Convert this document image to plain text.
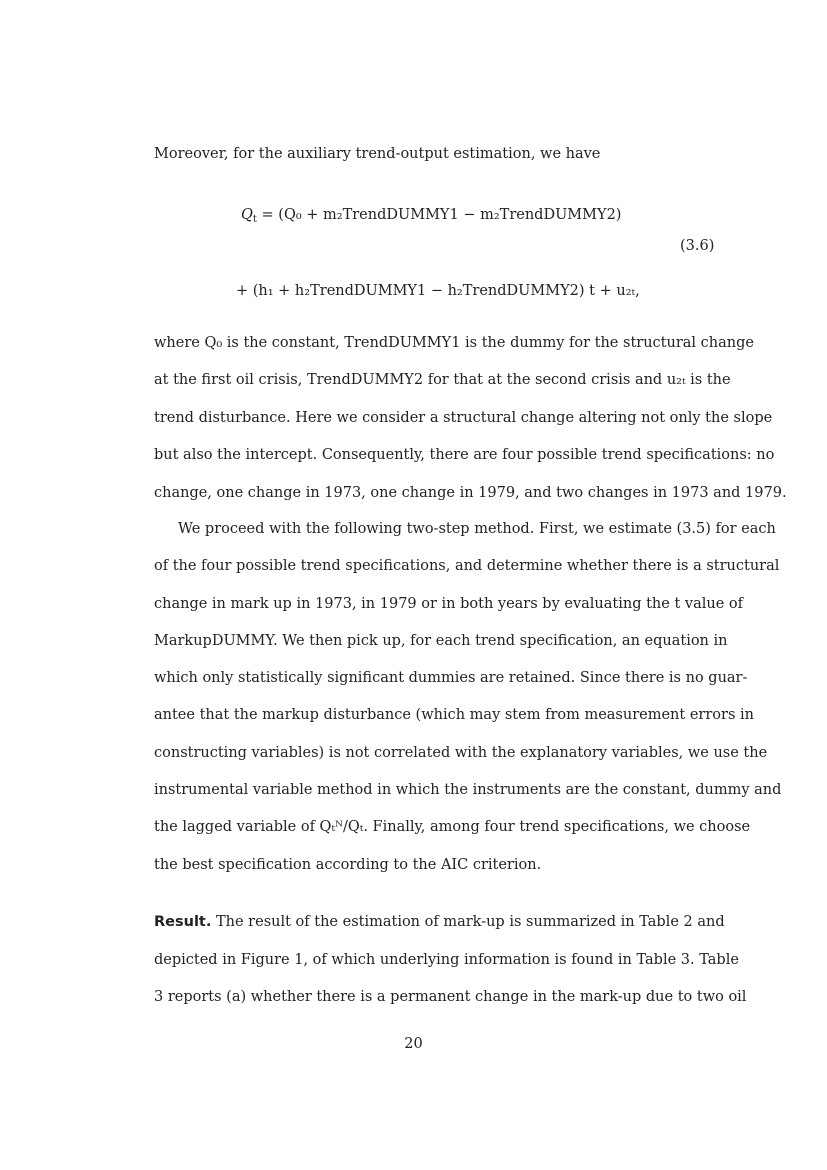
Moreover, for the auxiliary trend-output estimation, we have
$Q_t = (Q_0$ + m₂TrendDUMMY1 − m₂TrendDUMMY2)
(3.6)
+ (h₁ + h₂TrendDUMMY1 − h₂TrendDUMMY2) t + u₂ₜ,
where Q₀ is the constant, TrendDUMMY1 is the dummy for the structural change
at the first oil crisis, TrendDUMMY2 for that at the second crisis and u₂ₜ is the
trend disturbance. Here we consider a structural change altering not only the slope
but also the intercept. Consequently, there are four possible trend specifications: no
change, one change in 1973, one change in 1979, and two changes in 1973 and 1979.
We proceed with the following two-step method. First, we estimate (3.5) for each
of the four possible trend specifications, and determine whether there is a structural
change in mark up in 1973, in 1979 or in both years by evaluating the t value of
MarkupDUMMY. We then pick up, for each trend specification, an equation in
which only statistically significant dummies are retained. Since there is no guar-
antee that the markup disturbance (which may stem from measurement errors in
constructing variables) is not correlated with the explanatory variables, we use the
instrumental variable method in which the instruments are the constant, dummy and
the lagged variable of Qₜᴺ/Qₜ. Finally, among four trend specifications, we choose
the best specification according to the AIC criterion.
Result. The result of the estimation of mark-up is summarized in Table 2 and
depicted in Figure 1, of which underlying information is found in Table 3. Table
3 reports (a) whether there is a permanent change in the mark-up due to two oil
20
